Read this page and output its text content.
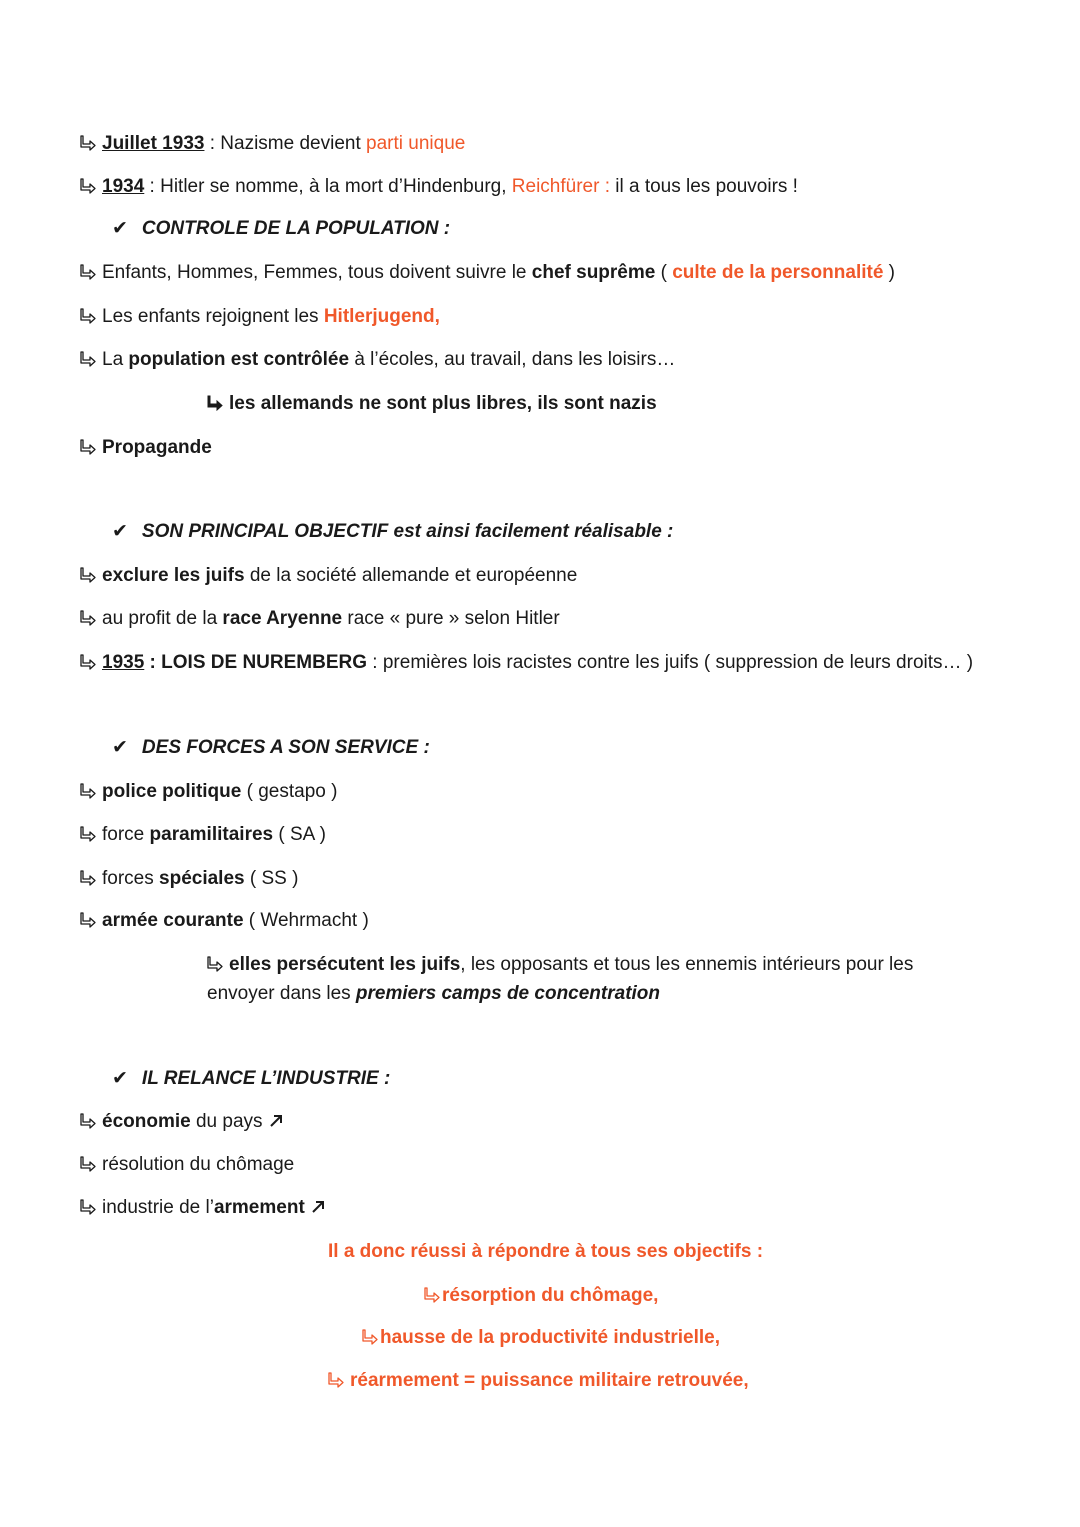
Juillet 1933 : Nazisme devient parti unique
1934 : Hitler se nomme, à la mort d’Hindenburg, Reichfürer : il a tous les pouvoirs !
✔ CONTROLE DE LA POPULATION :
Enfants, Hommes, Femmes, tous doivent suivre le chef suprême ( culte de la personnalité )
Les enfants rejoignent les Hitlerjugend,
La population est contrôlée à l’écoles, au travail, dans les loisirs…
les allemands ne sont plus libres, ils sont nazis
Propagande
✔ SON PRINCIPAL OBJECTIF est ainsi facilement réalisable :
exclure les juifs de la société allemande et européenne
au profit de la race Aryenne race « pure » selon Hitler
1935 : LOIS DE NUREMBERG : premières lois racistes contre les juifs ( suppression de leurs droits… )
✔ DES FORCES A SON SERVICE :
police politique ( gestapo )
force paramilitaires ( SA )
forces spéciales ( SS )
armée courante ( Wehrmacht )
elles persécutent les juifs, les opposants et tous les ennemis intérieurs pour les
envoyer dans les premiers camps de concentration
✔ IL RELANCE L’INDUSTRIE :
économie du pays
résolution du chômage
industrie de l’armement
Il a donc réussi à répondre à tous ses objectifs :
résorption du chômage,
hausse de la productivité industrielle,
réarmement = puissance militaire retrouvée,
